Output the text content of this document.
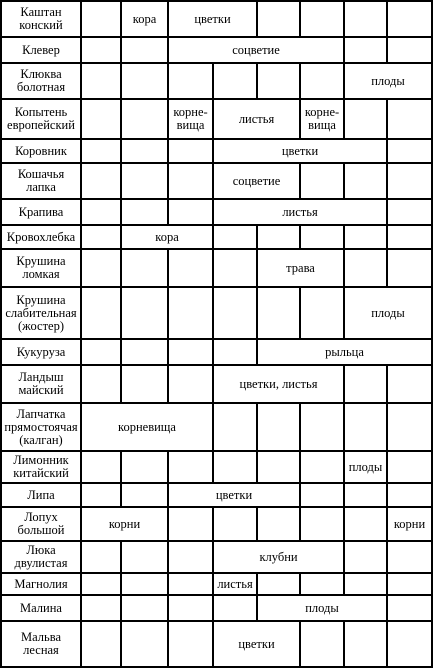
Каштан конский		кора	цветки					
Клевер			соцветие					
Клюква болотная							плоды	
Копытень европейский			корне-вища	листья		корне-вища		
Коровник				цветки				
Кошачья лапка				соцветие				
Крапива				листья				
Кровохлебка		кора						
Крушина ломкая					трава			
Крушина слабительная (жостер)							плоды	
Кукуруза					рыльца			
Ландыш майский				цветки, листья				
Лапчатка прямостоячая (калган)	корневища							
Лимонник китайский							плоды	
Липа			цветки					
Лопух большой	корни							корни
Люка двулистая				клубни				
Магнолия				листья				
Малина					плоды			
Мальва лесная				цветки				
